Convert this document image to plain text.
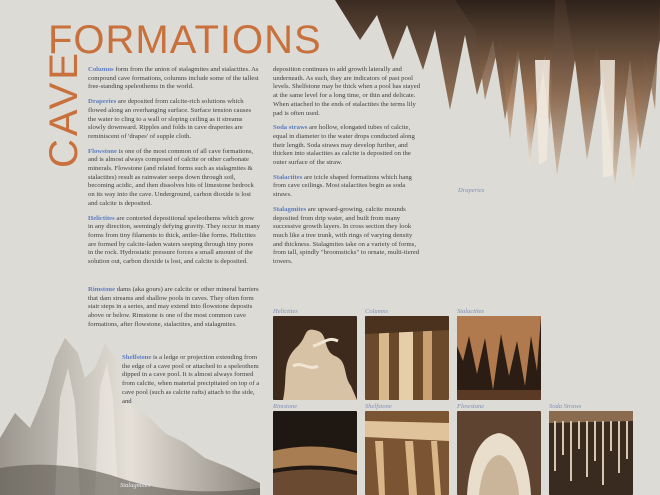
FORMATIONS
CAVE Columns form from the union of stalagmites and stalactites. As compound cave formations, columns include some of the tallest free-standing speleothems in the world.

Draperies are deposited from calcite-rich solutions which flowed along an overhanging surface. Surface tension causes the water to cling to a wall or sloping ceiling as it streams slowly downward. Ripples and folds in cave draperies are reminiscent of 'drapes' of supple cloth.

Flowstone is one of the most common of all cave formations, and is almost always composed of calcite or other carbonate minerals. Flowstone (and related forms such as stalagmites & stalactites) result as rainwater seeps down through soil, becoming acidic, and then dissolves bits of limestone bedrock on its way into the cave. Underground, carbon dioxide is lost and calcite is deposited.

Helictites are contorted depositional speleothems which grow in any direction, seemingly defying gravity. They occur in many forms from tiny filaments to thick, antler-like forms. Helictites are formed by calcite-laden waters seeping through tiny pores in the rock. Hydrostatic pressure forces a small amount of the solution out, carbon dioxide is lost, and calcite is deposited.

Rimstone dams (aka gours) are calcite or other mineral barriers that dam streams and shallow pools in caves. They often form stair steps in a series, and may extend into flowstone deposits above or below. Rimstone is one of the most common cave formations, after flowstone, stalactites, and stalagmites.

Shelfstone is a ledge or projection extending from the edge of a cave pool or attached to a speleothem dipped in a cave pool. It is almost always formed from calcite, when material precipitated on top of a cave pool (such as calcite rafts) attach to the side, and

deposition continues to add growth laterally and underneath. As such, they are indicators of past pool levels. Shelfstone may be thick when a pool has stayed at the same level for a long time, or thin and delicate. When attached to the ends of stalactites the terms lily pad is often used.

Soda straws are hollow, elongated tubes of calcite, equal in diameter to the water drops conducted along their length. Soda straws may develop further, and thicken into stalactites as calcite is deposited on the outer surface of the straw.

Stalactites are icicle shaped formations which hang from cave ceilings. Most stalactites begin as soda straws.

Stalagmites are upward-growing, calcite mounds deposited from drip water, and built from many successive growth layers. In cross section they look much like a tree trunk, with rings of varying density and thickness. Stalagmites take on a variety of forms, from tall, spindly "broomsticks" to ornate, multi-tiered towers.

Draperies
Stalagmites
Helictites	Columns	Stalactites
Rimstone	Shelfstone	Flowstone	Soda Straws
